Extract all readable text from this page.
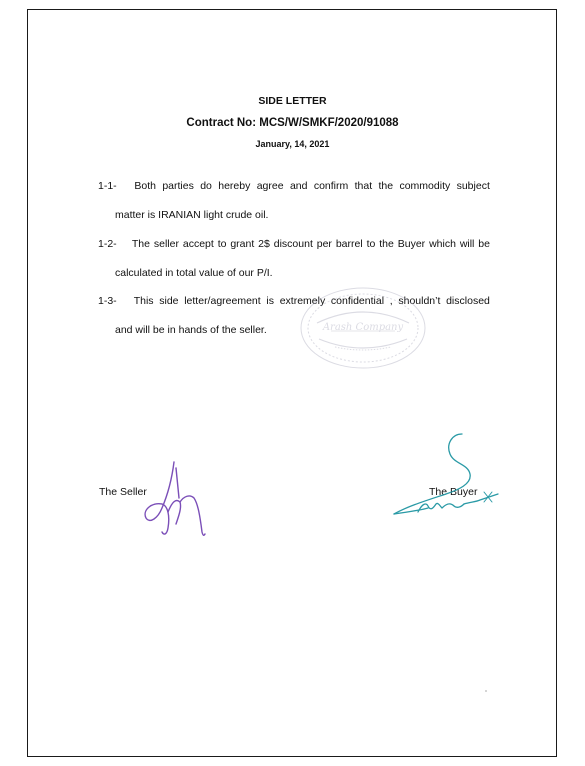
SIDE LETTER
Contract No: MCS/W/SMKF/2020/91088
January, 14, 2021
1-1-	Both parties do hereby agree and confirm that the commodity subject
matter is IRANIAN light crude oil.
1-2-	The seller accept to grant 2$ discount per barrel to the Buyer which will be
calculated in total value of our P/I.
1-3-	This side letter/agreement is extremely confidential , shouldn’t disclosed
and will be in hands of the seller.	Arash Company
The Seller	The Buyer
